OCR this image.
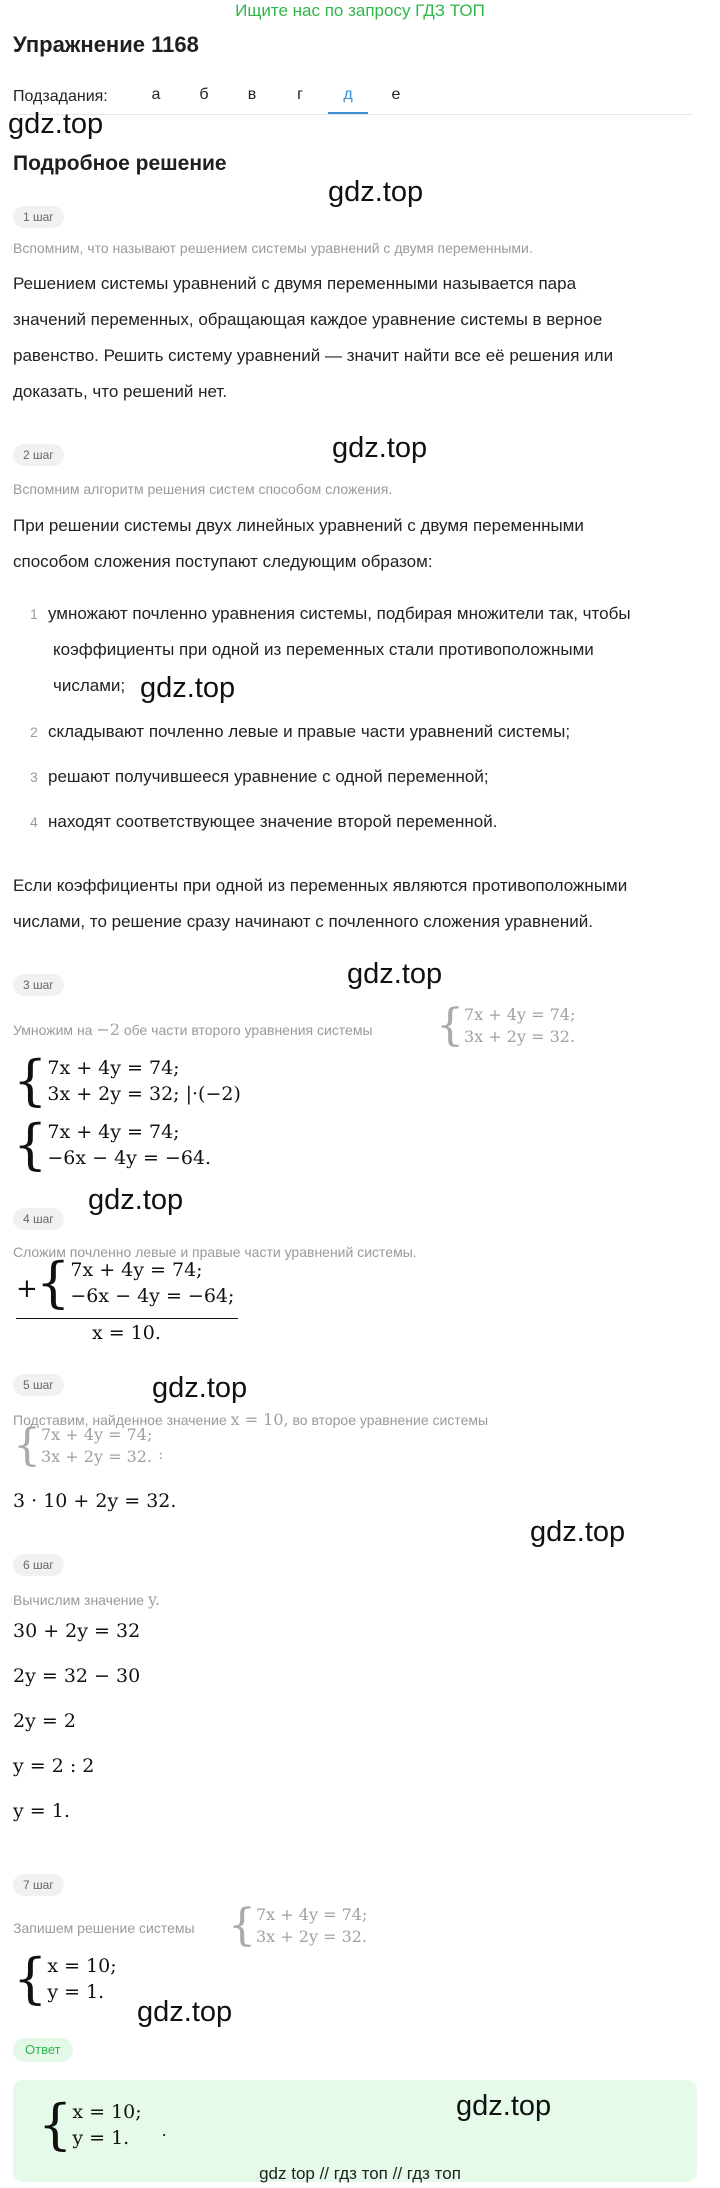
Ищите нас по запросу ГДЗ ТОП
Упражнение 1168
Подзадания:	а	б	в	г	д	е
gdz.top
gdz.top
gdz.top
gdz.top
gdz.top
gdz.top
gdz.top
gdz.top
gdz.top
Подробное решение
1 шаг
Вспомним, что называют решением системы уравнений с двумя переменными.
Решением системы уравнений с двумя переменными называется пара
значений переменных, обращающая каждое уравнение системы в верное
равенство. Решить систему уравнений — значит найти все её решения или
доказать, что решений нет.
2 шаг
Вспомним алгоритм решения систем способом сложения.
При решении системы двух линейных уравнений с двумя переменными
способом сложения поступают следующим образом:
1 умножают почленно уравнения системы, подбирая множители так, чтобы
коэффициенты при одной из переменных стали противоположными
числами;
2 складывают почленно левые и правые части уравнений системы;
3 решают получившееся уравнение с одной переменной;
4 находят соответствующее значение второй переменной.
Если коэффициенты при одной из переменных являются противоположными
числами, то решение сразу начинают с почленного сложения уравнений.
3 шаг
Умножим на −2 обе части второго уравнения системы { 7x + 4y = 74;
3x + 2y = 32.
{ 7x + 4y = 74;
3x + 2y = 32; |·(−2)
{ 7x + 4y = 74;
−6x − 4y = −64.
4 шаг
Сложим почленно левые и правые части уравнений системы.
+
{ 7x + 4y = 74;
−6x − 4y = −64;
x = 10.
5 шаг
Подставим, найденное значение x = 10, во второе уравнение системы
{ 7x + 4y = 74;
3x + 2y = 32. :
3 · 10 + 2y = 32.
6 шаг
Вычислим значение y.
30 + 2y = 32
2y = 32 − 30
2y = 2
y = 2 : 2
y = 1.
7 шаг
Запишем решение системы { 7x + 4y = 74;
3x + 2y = 32.
{ x = 10;
y = 1.
Ответ
{ x = 10;
y = 1.	.
gdz.top
gdz top // гдз топ // гдз топ
